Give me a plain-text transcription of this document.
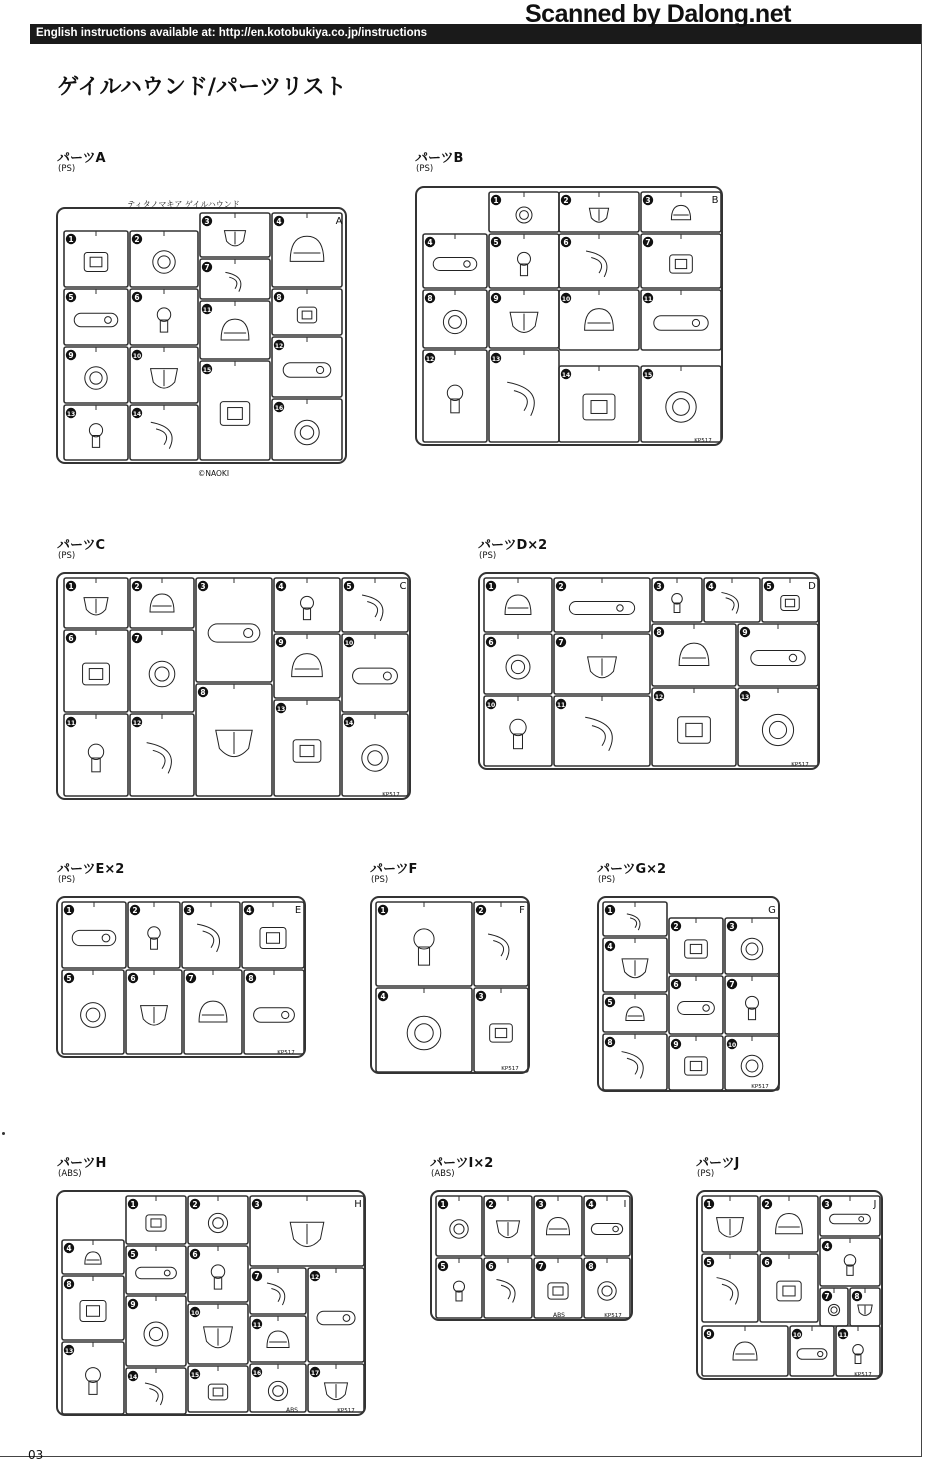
English instructions available at: http://en.kotobukiya.co.jp/instructions
Scanned by Dalong.net
ゲイルハウンド/パーツリスト
パーツA
(PS)
パーツB
(PS)
パーツC
(PS)
パーツD×2
(PS)
パーツE×2
(PS)
パーツF
(PS)
パーツG×2
(PS)
パーツH
(ABS)
パーツI×2
(ABS)
パーツJ
(PS)
1	2
3	4
5	6
7
8
9	10
11
12
13	14
15
16
A
ティタノマキア ゲイルハウンド
©NAOKI
1	2	3
4	5	6	7
8	9	10	11
12	13
14	15
B
KP517
1	2	3	4	5
6	7
8
9	10
11	12
13
14
C
KP517
1	2	3	4	5
6	7
8	9
10	11
12	13
D
KP517
1	2	3	4
5	6	7	8
E
KP517
1	2
3
4
F
KP517
1
2	3
4
5
6	7
8	9	10
G
KP517
1	2	3
4
5	6
7
8
9
10
11
12
13
14	15	16	17
H
KP517
ABS
1	2	3	4
5	6	7	8
I
KP517
ABS
1	2	3
4
5	6
7	8
9	10	11
J
KP517
03
